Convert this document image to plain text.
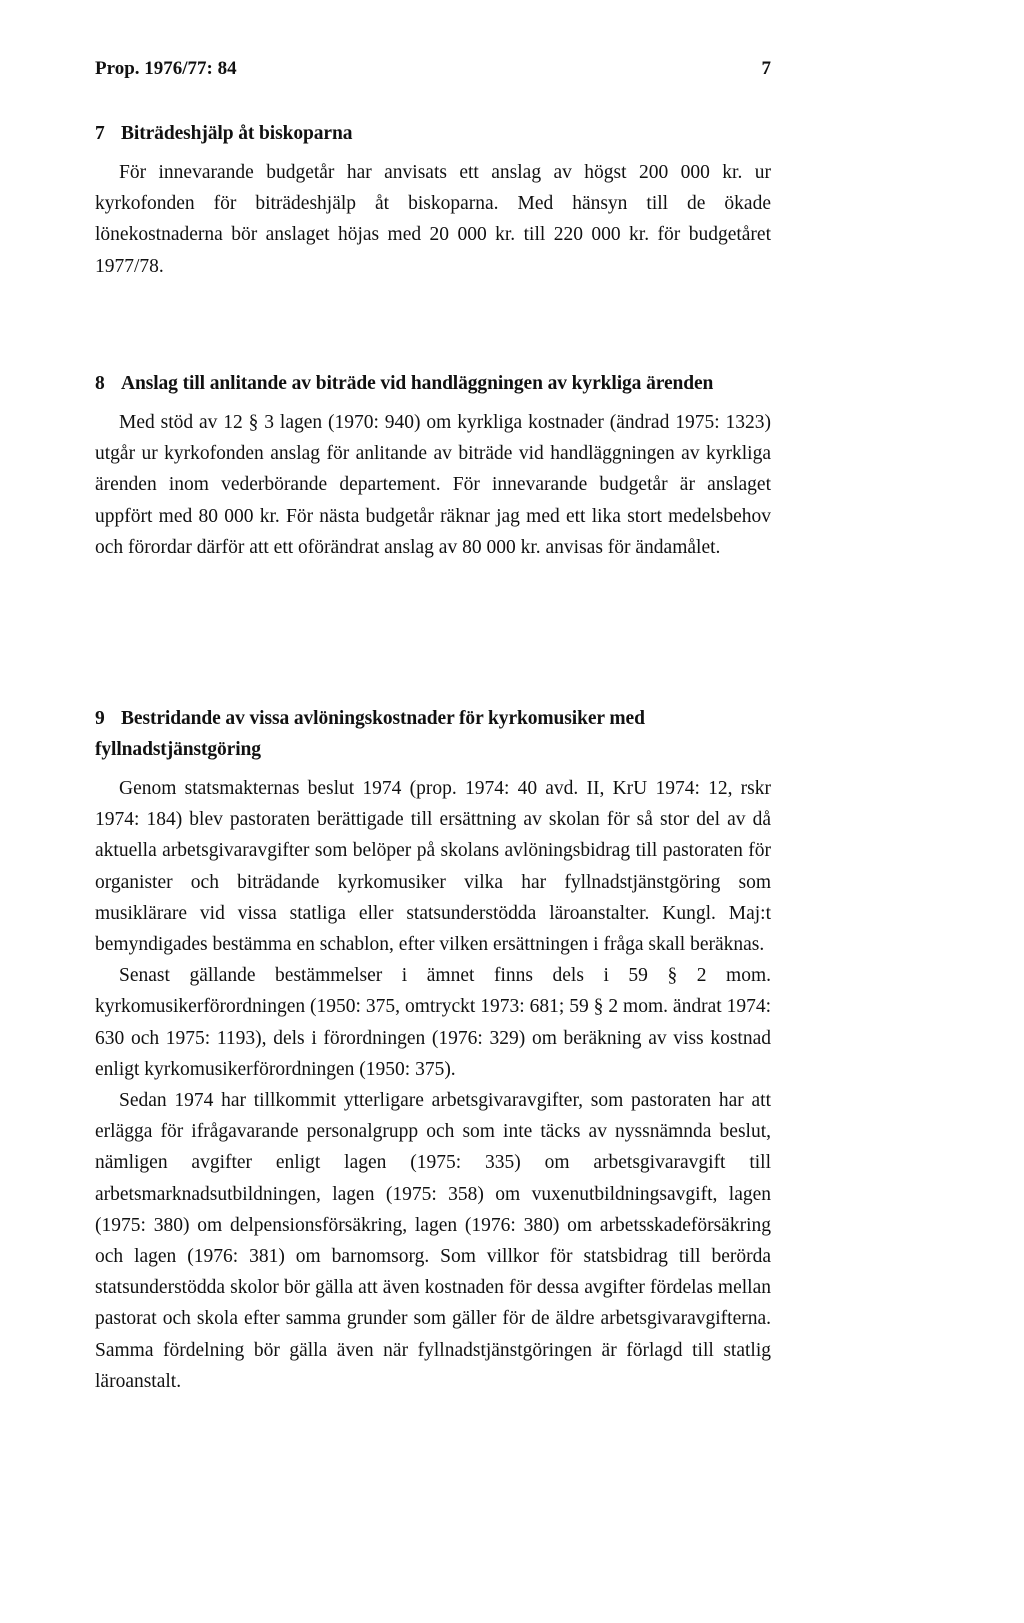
Prop. 1976/77: 84	7
7 Biträdeshjälp åt biskoparna

För innevarande budgetår har anvisats ett anslag av högst 200 000 kr. ur kyrkofonden för biträdeshjälp åt biskoparna. Med hänsyn till de ökade lönekostnaderna bör anslaget höjas med 20 000 kr. till 220 000 kr. för budgetåret 1977/78.

8 Anslag till anlitande av biträde vid handläggningen av kyrkliga ärenden

Med stöd av 12 § 3 lagen (1970: 940) om kyrkliga kostnader (ändrad 1975: 1323) utgår ur kyrkofonden anslag för anlitande av biträde vid handläggningen av kyrkliga ärenden inom vederbörande departement. För innevarande budgetår är anslaget uppfört med 80 000 kr. För nästa budgetår räknar jag med ett lika stort medelsbehov och förordar därför att ett oförändrat anslag av 80 000 kr. anvisas för ändamålet.

9 Bestridande av vissa avlöningskostnader för kyrkomusiker med fyllnadstjänstgöring

Genom statsmakternas beslut 1974 (prop. 1974: 40 avd. II, KrU 1974: 12, rskr 1974: 184) blev pastoraten berättigade till ersättning av skolan för så stor del av då aktuella arbetsgivaravgifter som belöper på skolans avlöningsbidrag till pastoraten för organister och biträdande kyrkomusiker vilka har fyllnadstjänstgöring som musiklärare vid vissa statliga eller statsunderstödda läroanstalter. Kungl. Maj:t bemyndigades bestämma en schablon, efter vilken ersättningen i fråga skall beräknas.

Senast gällande bestämmelser i ämnet finns dels i 59 § 2 mom. kyrkomusikerförordningen (1950: 375, omtryckt 1973: 681; 59 § 2 mom. ändrat 1974: 630 och 1975: 1193), dels i förordningen (1976: 329) om beräkning av viss kostnad enligt kyrkomusikerförordningen (1950: 375).

Sedan 1974 har tillkommit ytterligare arbetsgivaravgifter, som pastoraten har att erlägga för ifrågavarande personalgrupp och som inte täcks av nyssnämnda beslut, nämligen avgifter enligt lagen (1975: 335) om arbetsgivaravgift till arbetsmarknadsutbildningen, lagen (1975: 358) om vuxenutbildningsavgift, lagen (1975: 380) om delpensionsförsäkring, lagen (1976: 380) om arbetsskadeförsäkring och lagen (1976: 381) om barnomsorg. Som villkor för statsbidrag till berörda statsunderstödda skolor bör gälla att även kostnaden för dessa avgifter fördelas mellan pastorat och skola efter samma grunder som gäller för de äldre arbetsgivaravgifterna. Samma fördelning bör gälla även när fyllnadstjänstgöringen är förlagd till statlig läroanstalt.
